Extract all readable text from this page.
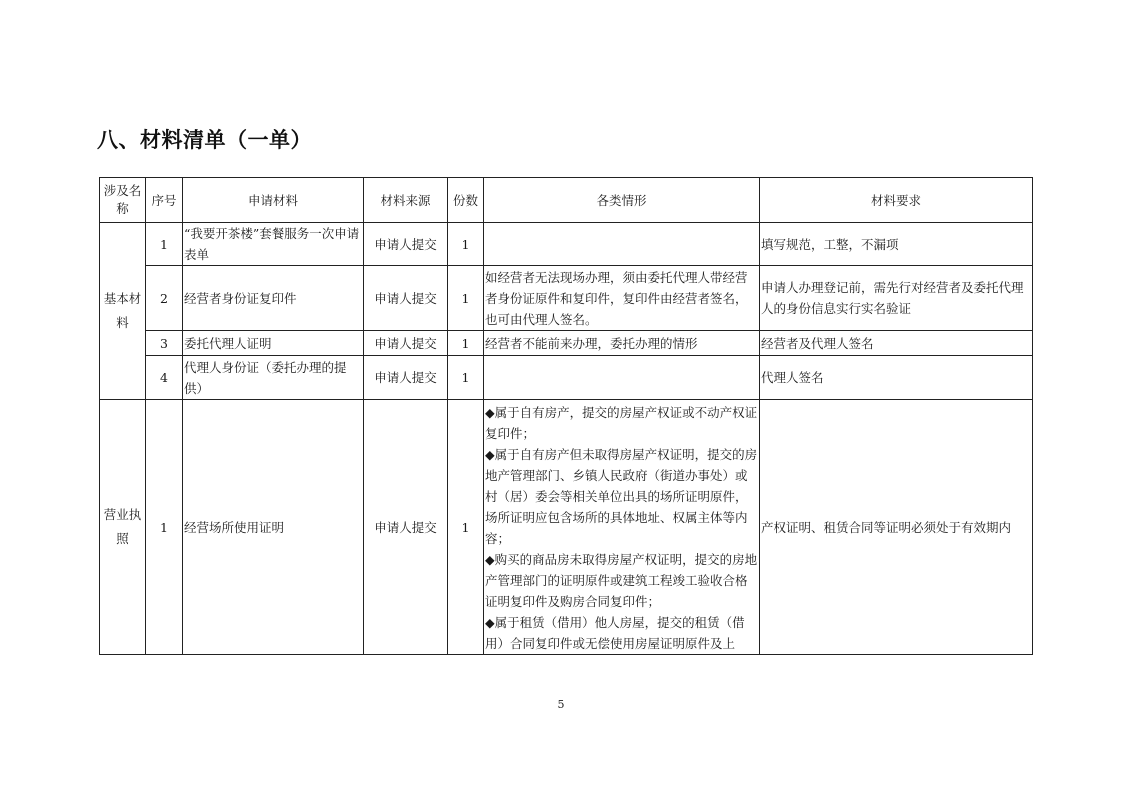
八、材料清单（一单）
涉及名称	序号	申请材料	材料来源	份数	各类情形	材料要求
基本材料	1	“我要开茶楼”套餐服务一次申请表单	申请人提交	1		填写规范，工整，不漏项
	2	经营者身份证复印件	申请人提交	1	如经营者无法现场办理，须由委托代理人带经营者身份证原件和复印件，复印件由经营者签名，也可由代理人签名。	申请人办理登记前，需先行对经营者及委托代理人的身份信息实行实名验证
	3	委托代理人证明	申请人提交	1	经营者不能前来办理，委托办理的情形	经营者及代理人签名
	4	代理人身份证（委托办理的提供）	申请人提交	1		代理人签名
营业执照	1	经营场所使用证明	申请人提交	1	◆属于自有房产，提交的房屋产权证或不动产权证复印件；
◆属于自有房产但未取得房屋产权证明，提交的房地产管理部门、乡镇人民政府（街道办事处）或村（居）委会等相关单位出具的场所证明原件，场所证明应包含场所的具体地址、权属主体等内容；
◆购买的商品房未取得房屋产权证明，提交的房地产管理部门的证明原件或建筑工程竣工验收合格证明复印件及购房合同复印件；
◆属于租赁（借用）他人房屋，提交的租赁（借用）合同复印件或无偿使用房屋证明原件及上	产权证明、租赁合同等证明必须处于有效期内
5
